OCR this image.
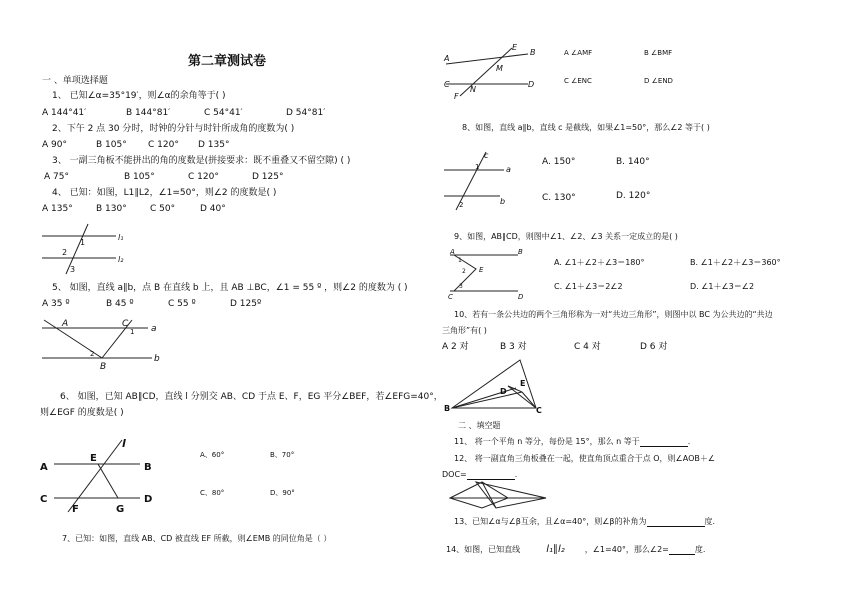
第二章测试卷
一 、单项选择题
1、 已知∠α=35°19′，则∠α的余角等于( )
A 144°41′	B 144°81′	C 54°41′	D 54°81′
2、下午 2 点 30 分时，时钟的分针与时针所成角的度数为( )
A 90°	B 105° C 120° D 135°
3、 一副三角板不能拼出的角的度数是(拼接要求：既不重叠又不留空隙) ( )
A 75°	B 105°	C 120°	D 125°
4、 已知：如图，L1∥L2，∠1=50°，则∠2 的度数是( )
A 135°	B 130°	C 50°	D 40°
l₁
l₂
1
2
3
5、 如图，直线 a∥b，点 B 在直线 b 上，且 AB ⊥BC，∠1 = 55 º ，则∠2 的度数为 ( )
A 35 º	B 45 º	C 55 º	D 125º
A	C	a
b
B
1
2
6、 如图，已知 AB∥CD，直线 l 分别交 AB、CD 于点 E、F，EG 平分∠BEF，若∠EFG=40°，
则∠EGF 的度数是( )
l
A	B
C	D
E
F	G
A、60°	B、70°
C、80°	D、90°
7、已知：如图，直线 AB、CD 被直线 EF 所截，则∠EMB 的同位角是（ ）
A
B
C	D
E
F
M
N
A ∠AMF	B ∠BMF
C ∠ENC	D ∠END
8、如图，直线 a∥b，直线 c 是截线，如果∠1=50°，那么∠2 等于( )
c
a
b
1
2
A. 150°	B. 140°
C. 130°	D. 120°
9、如图，AB∥CD，则图中∠1、∠2、∠3 关系一定成立的是( )
A	B
C	D
E
1
2
3
A. ∠1＋∠2＋∠3＝180°	B. ∠1＋∠2＋∠3＝360°
C. ∠1＋∠3＝2∠2	D. ∠1＋∠3＝∠2
10、若有一条公共边的两个三角形称为一对“共边三角形”，则图中以 BC 为公共边的“共边
三角形”有( )
A 2 对	B 3 对	C 4 对	D 6 对
B	C
D
E
二 、填空题
11、 将一个平角 n 等分，每份是 15°，那么 n 等于	.
12、 将一副直角三角板叠在一起，使直角顶点重合于点 O，则∠AOB＋∠
DOC=	.
13、已知∠α与∠β互余，且∠α=40°，则∠β的补角为	度.
14、如图，已知直线	l₁∥l₂	，∠1=40°，那么∠2=	度.
